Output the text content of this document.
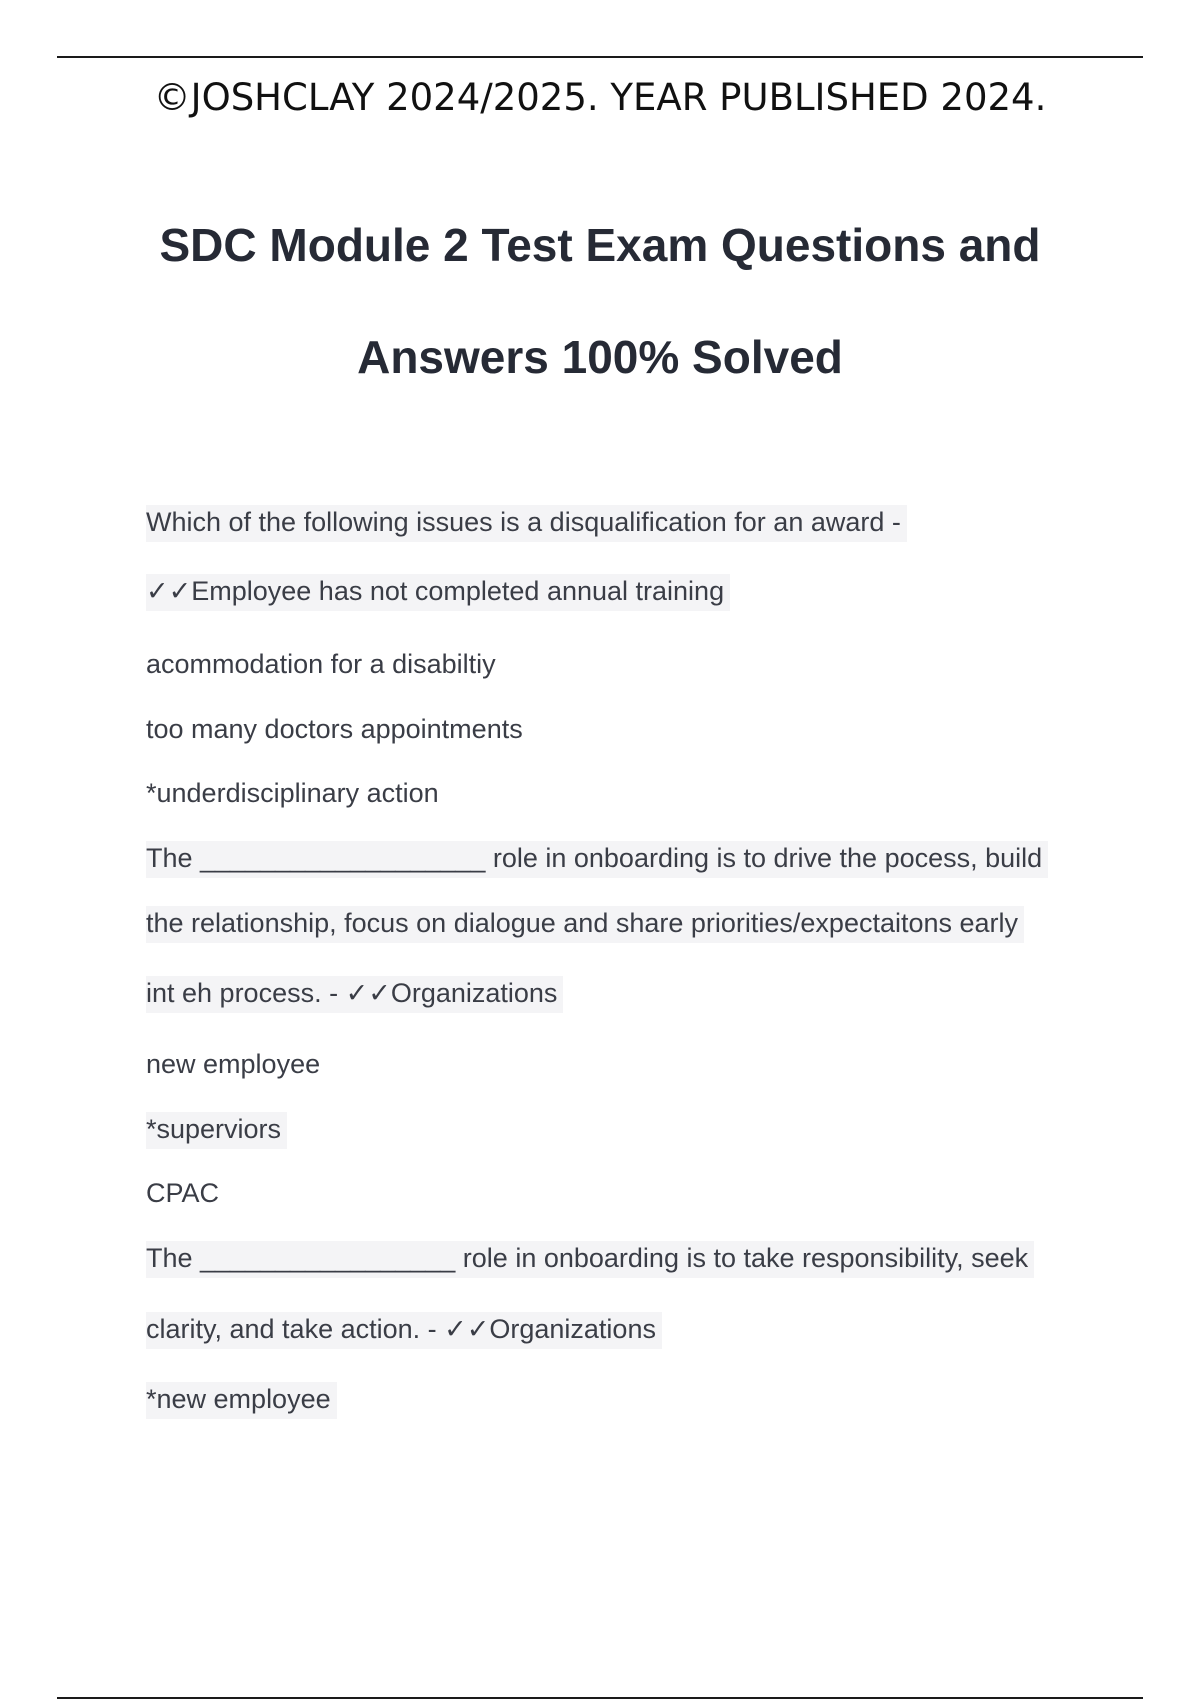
©JOSHCLAY 2024/2025. YEAR PUBLISHED 2024.
SDC Module 2 Test Exam Questions and
Answers 100% Solved
Which of the following issues is a disqualification for an award -
✓✓Employee has not completed annual training
acommodation for a disabiltiy
too many doctors appointments
*underdisciplinary action
The ___________________ role in onboarding is to drive the pocess, build
the relationship, focus on dialogue and share priorities/expectaitons early
int eh process. - ✓✓Organizations
new employee
*superviors
CPAC
The _________________ role in onboarding is to take responsibility, seek
clarity, and take action. - ✓✓Organizations
*new employee
